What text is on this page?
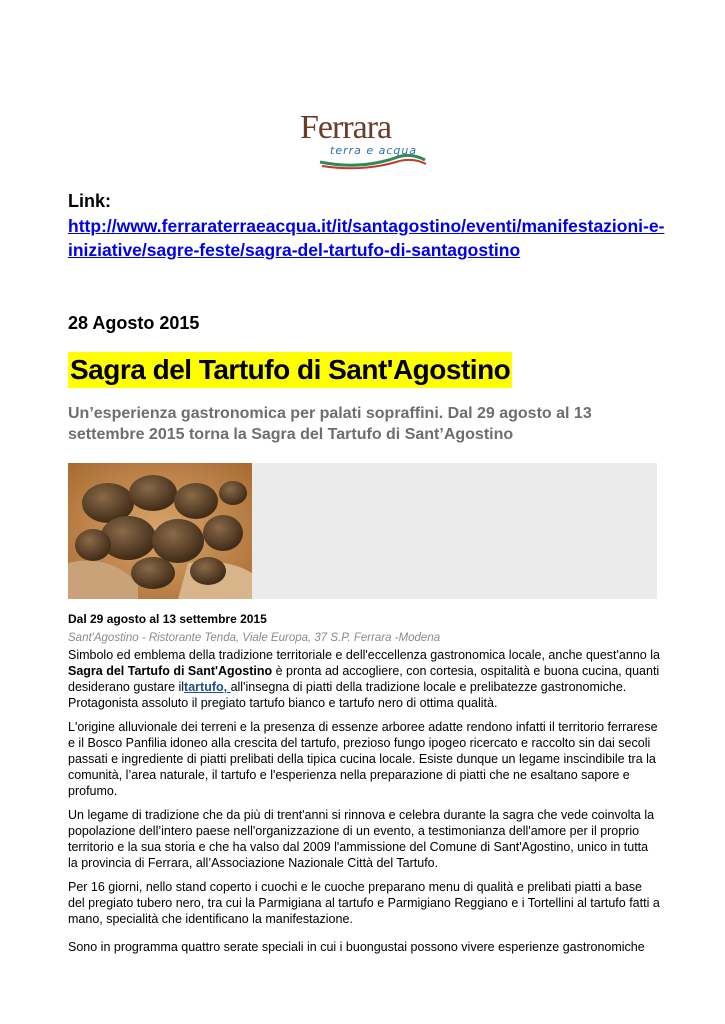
Ferrara
terra e acqua
Link:
http://www.ferraraterraeacqua.it/it/santagostino/eventi/manifestazioni-e-iniziative/sagre-feste/sagra-del-tartufo-di-santagostino
28 Agosto 2015
Sagra del Tartufo di Sant'Agostino
Un’esperienza gastronomica per palati sopraffini. Dal 29 agosto al 13 settembre 2015 torna la Sagra del Tartufo di Sant’Agostino
Dal 29 agosto al 13 settembre 2015
Sant'Agostino - Ristorante Tenda, Viale Europa, 37 S.P. Ferrara -Modena
Simbolo ed emblema della tradizione territoriale e dell'eccellenza gastronomica locale, anche quest'anno la Sagra del Tartufo di Sant'Agostino è pronta ad accogliere, con cortesia, ospitalità e buona cucina, quanti desiderano gustare iltartufo, all'insegna di piatti della tradizione locale e prelibatezze gastronomiche. Protagonista assoluto il pregiato tartufo bianco e tartufo nero di ottima qualità.
L'origine alluvionale dei terreni e la presenza di essenze arboree adatte rendono infatti il territorio ferrarese e il Bosco Panfilia idoneo alla crescita del tartufo, prezioso fungo ipogeo ricercato e raccolto sin dai secoli passati e ingrediente di piatti prelibati della tipica cucina locale. Esiste dunque un legame inscindibile tra la comunità, l’area naturale, il tartufo e l'esperienza nella preparazione di piatti che ne esaltano sapore e profumo.
Un legame di tradizione che da più di trent'anni si rinnova e celebra durante la sagra che vede coinvolta la popolazione dell’intero paese nell'organizzazione di un evento, a testimonianza dell'amore per il proprio territorio e la sua storia e che ha valso dal 2009 l'ammissione del Comune di Sant'Agostino, unico in tutta la provincia di Ferrara, all’Associazione Nazionale Città del Tartufo.
Per 16 giorni, nello stand coperto i cuochi e le cuoche preparano menu di qualità e prelibati piatti a base del pregiato tubero nero, tra cui la Parmigiana al tartufo e Parmigiano Reggiano e i Tortellini al tartufo fatti a mano, specialità che identificano la manifestazione.
Sono in programma quattro serate speciali in cui i buongustai possono vivere esperienze gastronomiche
